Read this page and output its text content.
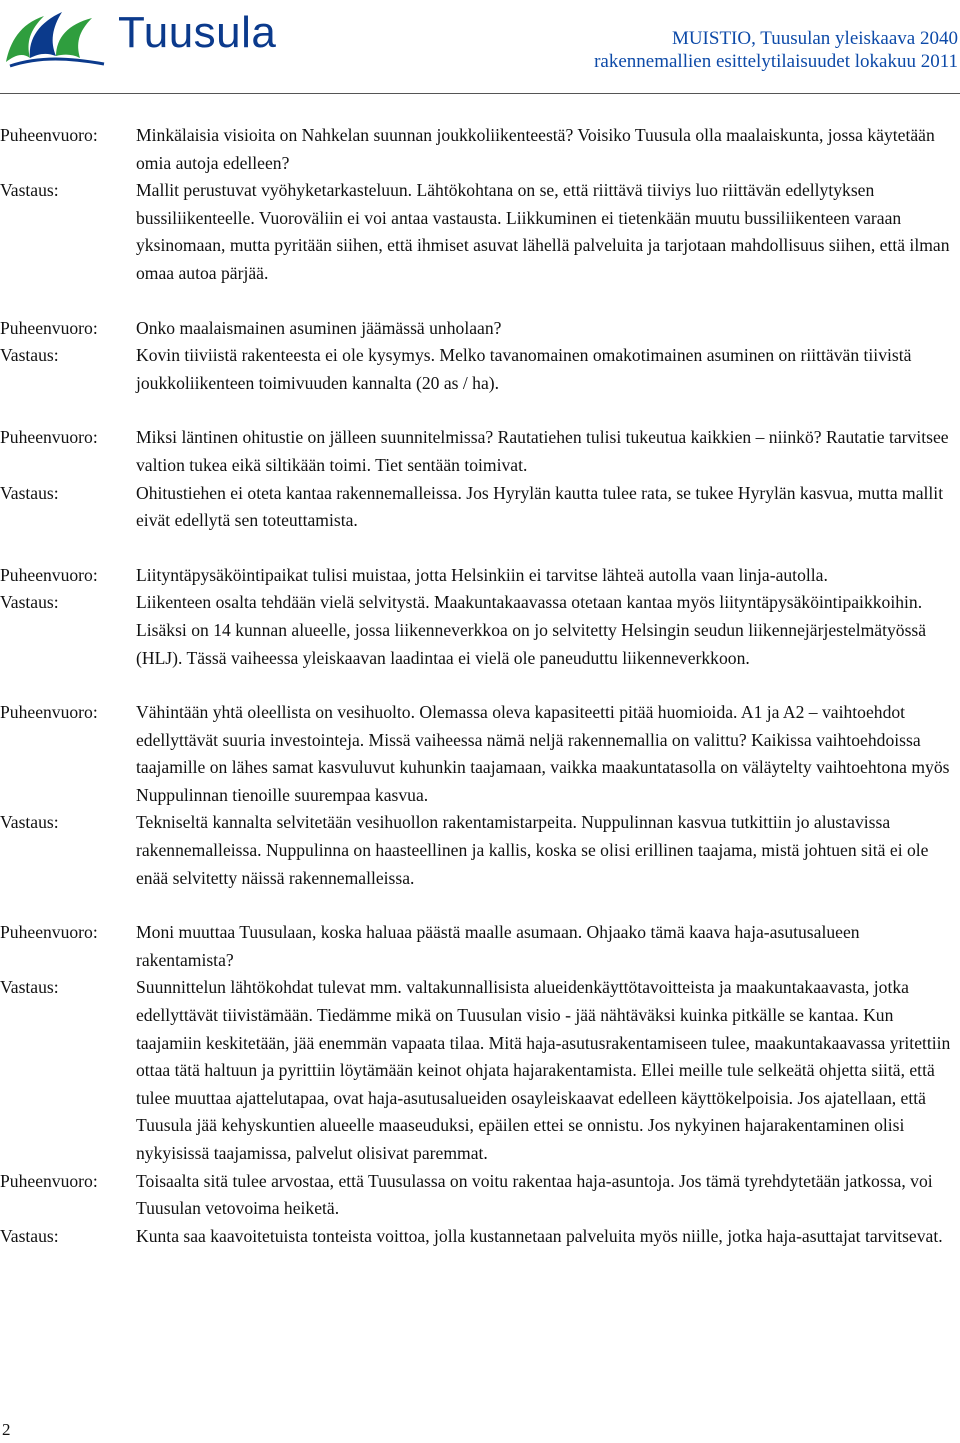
Tuusula	MUISTIO, Tuusulan yleiskaava 2040
rakennemallien esittelytilaisuudet lokakuu 2011
Puheenvuoro:	Minkälaisia visioita on Nahkelan suunnan joukkoliikenteestä? Voisiko Tuusula olla maalaiskunta, jossa käytetään omia autoja edelleen?
Vastaus:	Mallit perustuvat vyöhyketarkasteluun. Lähtökohtana on se, että riittävä tiiviys luo riittävän edellytyksen bussiliikenteelle. Vuoroväliin ei voi antaa vastausta. Liikkuminen ei tietenkään muutu bussiliikenteen varaan yksinomaan, mutta pyritään siihen, että ihmiset asuvat lähellä palveluita ja tarjotaan mahdollisuus siihen, että ilman omaa autoa pärjää.
Puheenvuoro:	Onko maalaismainen asuminen jäämässä unholaan?
Vastaus:	Kovin tiiviistä rakenteesta ei ole kysymys. Melko tavanomainen omakotimainen asuminen on riittävän tiivistä joukkoliikenteen toimivuuden kannalta (20 as / ha).
Puheenvuoro:	Miksi läntinen ohitustie on jälleen suunnitelmissa? Rautatiehen tulisi tukeutua kaikkien – niinkö? Rautatie tarvitsee valtion tukea eikä siltikään toimi. Tiet sentään toimivat.
Vastaus:	Ohitustiehen ei oteta kantaa rakennemalleissa. Jos Hyrylän kautta tulee rata, se tukee Hyrylän kasvua, mutta mallit eivät edellytä sen toteuttamista.
Puheenvuoro:	Liityntäpysäköintipaikat tulisi muistaa, jotta Helsinkiin ei tarvitse lähteä autolla vaan linja-autolla.
Vastaus:	Liikenteen osalta tehdään vielä selvitystä. Maakuntakaavassa otetaan kantaa myös liityntäpysäköintipaikkoihin. Lisäksi on 14 kunnan alueelle, jossa liikenneverkkoa on jo selvitetty Helsingin seudun liikennejärjestelmätyössä (HLJ). Tässä vaiheessa yleiskaavan laadintaa ei vielä ole paneuduttu liikenneverkkoon.
Puheenvuoro:	Vähintään yhtä oleellista on vesihuolto. Olemassa oleva kapasiteetti pitää huomioida. A1 ja A2 – vaihtoehdot edellyttävät suuria investointeja. Missä vaiheessa nämä neljä rakennemallia on valittu? Kaikissa vaihtoehdoissa taajamille on lähes samat kasvuluvut kuhunkin taajamaan, vaikka maakuntatasolla on väläytelty vaihtoehtona myös Nuppulinnan tienoille suurempaa kasvua.
Vastaus:	Tekniseltä kannalta selvitetään vesihuollon rakentamistarpeita. Nuppulinnan kasvua tutkittiin jo alustavissa rakennemalleissa. Nuppulinna on haasteellinen ja kallis, koska se olisi erillinen taajama, mistä johtuen sitä ei ole enää selvitetty näissä rakennemalleissa.
Puheenvuoro:	Moni muuttaa Tuusulaan, koska haluaa päästä maalle asumaan. Ohjaako tämä kaava haja-asutusalueen rakentamista?
Vastaus:	Suunnittelun lähtökohdat tulevat mm. valtakunnallisista alueidenkäyttötavoitteista ja maakuntakaavasta, jotka edellyttävät tiivistämään. Tiedämme mikä on Tuusulan visio - jää nähtäväksi kuinka pitkälle se kantaa. Kun taajamiin keskitetään, jää enemmän vapaata tilaa. Mitä haja-asutusrakentamiseen tulee, maakuntakaavassa yritettiin ottaa tätä haltuun ja pyrittiin löytämään keinot ohjata hajarakentamista. Ellei meille tule selkeätä ohjetta siitä, että tulee muuttaa ajattelutapaa, ovat haja-asutusalueiden osayleiskaavat edelleen käyttökelpoisia. Jos ajatellaan, että Tuusula jää kehyskuntien alueelle maaseuduksi, epäilen ettei se onnistu. Jos nykyinen hajarakentaminen olisi nykyisissä taajamissa, palvelut olisivat paremmat.
Puheenvuoro:	Toisaalta sitä tulee arvostaa, että Tuusulassa on voitu rakentaa haja-asuntoja. Jos tämä tyrehdytetään jatkossa, voi Tuusulan vetovoima heiketä.
Vastaus:	Kunta saa kaavoitetuista tonteista voittoa, jolla kustannetaan palveluita myös niille, jotka haja-asuttajat tarvitsevat.
2
